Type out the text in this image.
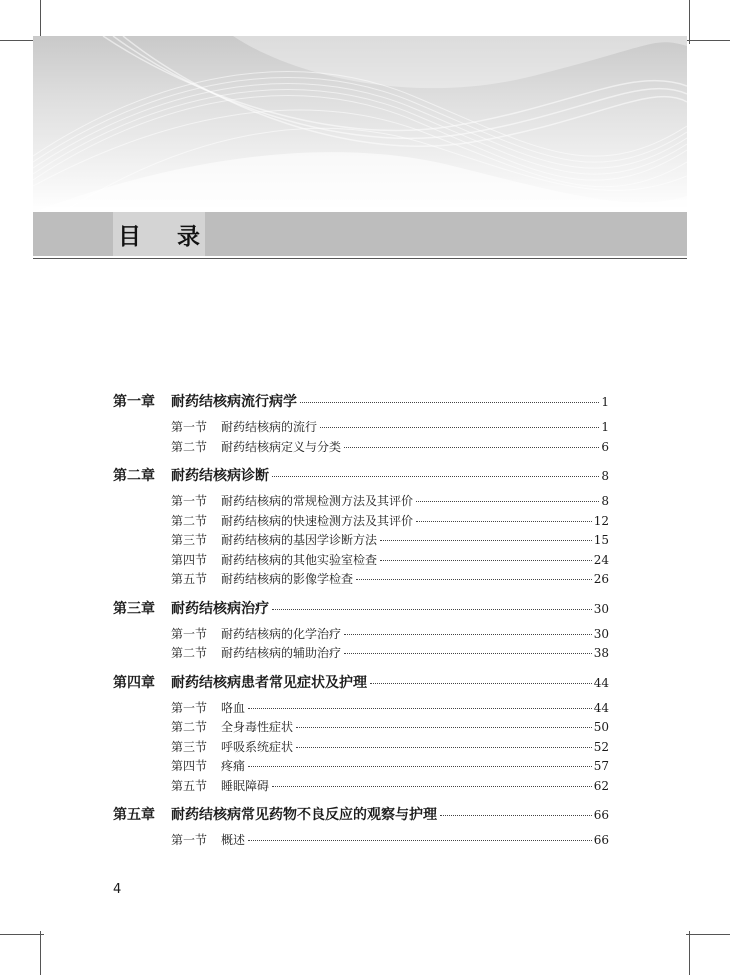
目 录
第一章	耐药结核病流行病学	1
第一节	耐药结核病的流行	1
第二节	耐药结核病定义与分类	6
第二章	耐药结核病诊断	8
第一节	耐药结核病的常规检测方法及其评价	8
第二节	耐药结核病的快速检测方法及其评价	12
第三节	耐药结核病的基因学诊断方法	15
第四节	耐药结核病的其他实验室检查	24
第五节	耐药结核病的影像学检查	26
第三章	耐药结核病治疗	30
第一节	耐药结核病的化学治疗	30
第二节	耐药结核病的辅助治疗	38
第四章	耐药结核病患者常见症状及护理	44
第一节	咯血	44
第二节	全身毒性症状	50
第三节	呼吸系统症状	52
第四节	疼痛	57
第五节	睡眠障碍	62
第五章	耐药结核病常见药物不良反应的观察与护理	66
第一节	概述	66
4
